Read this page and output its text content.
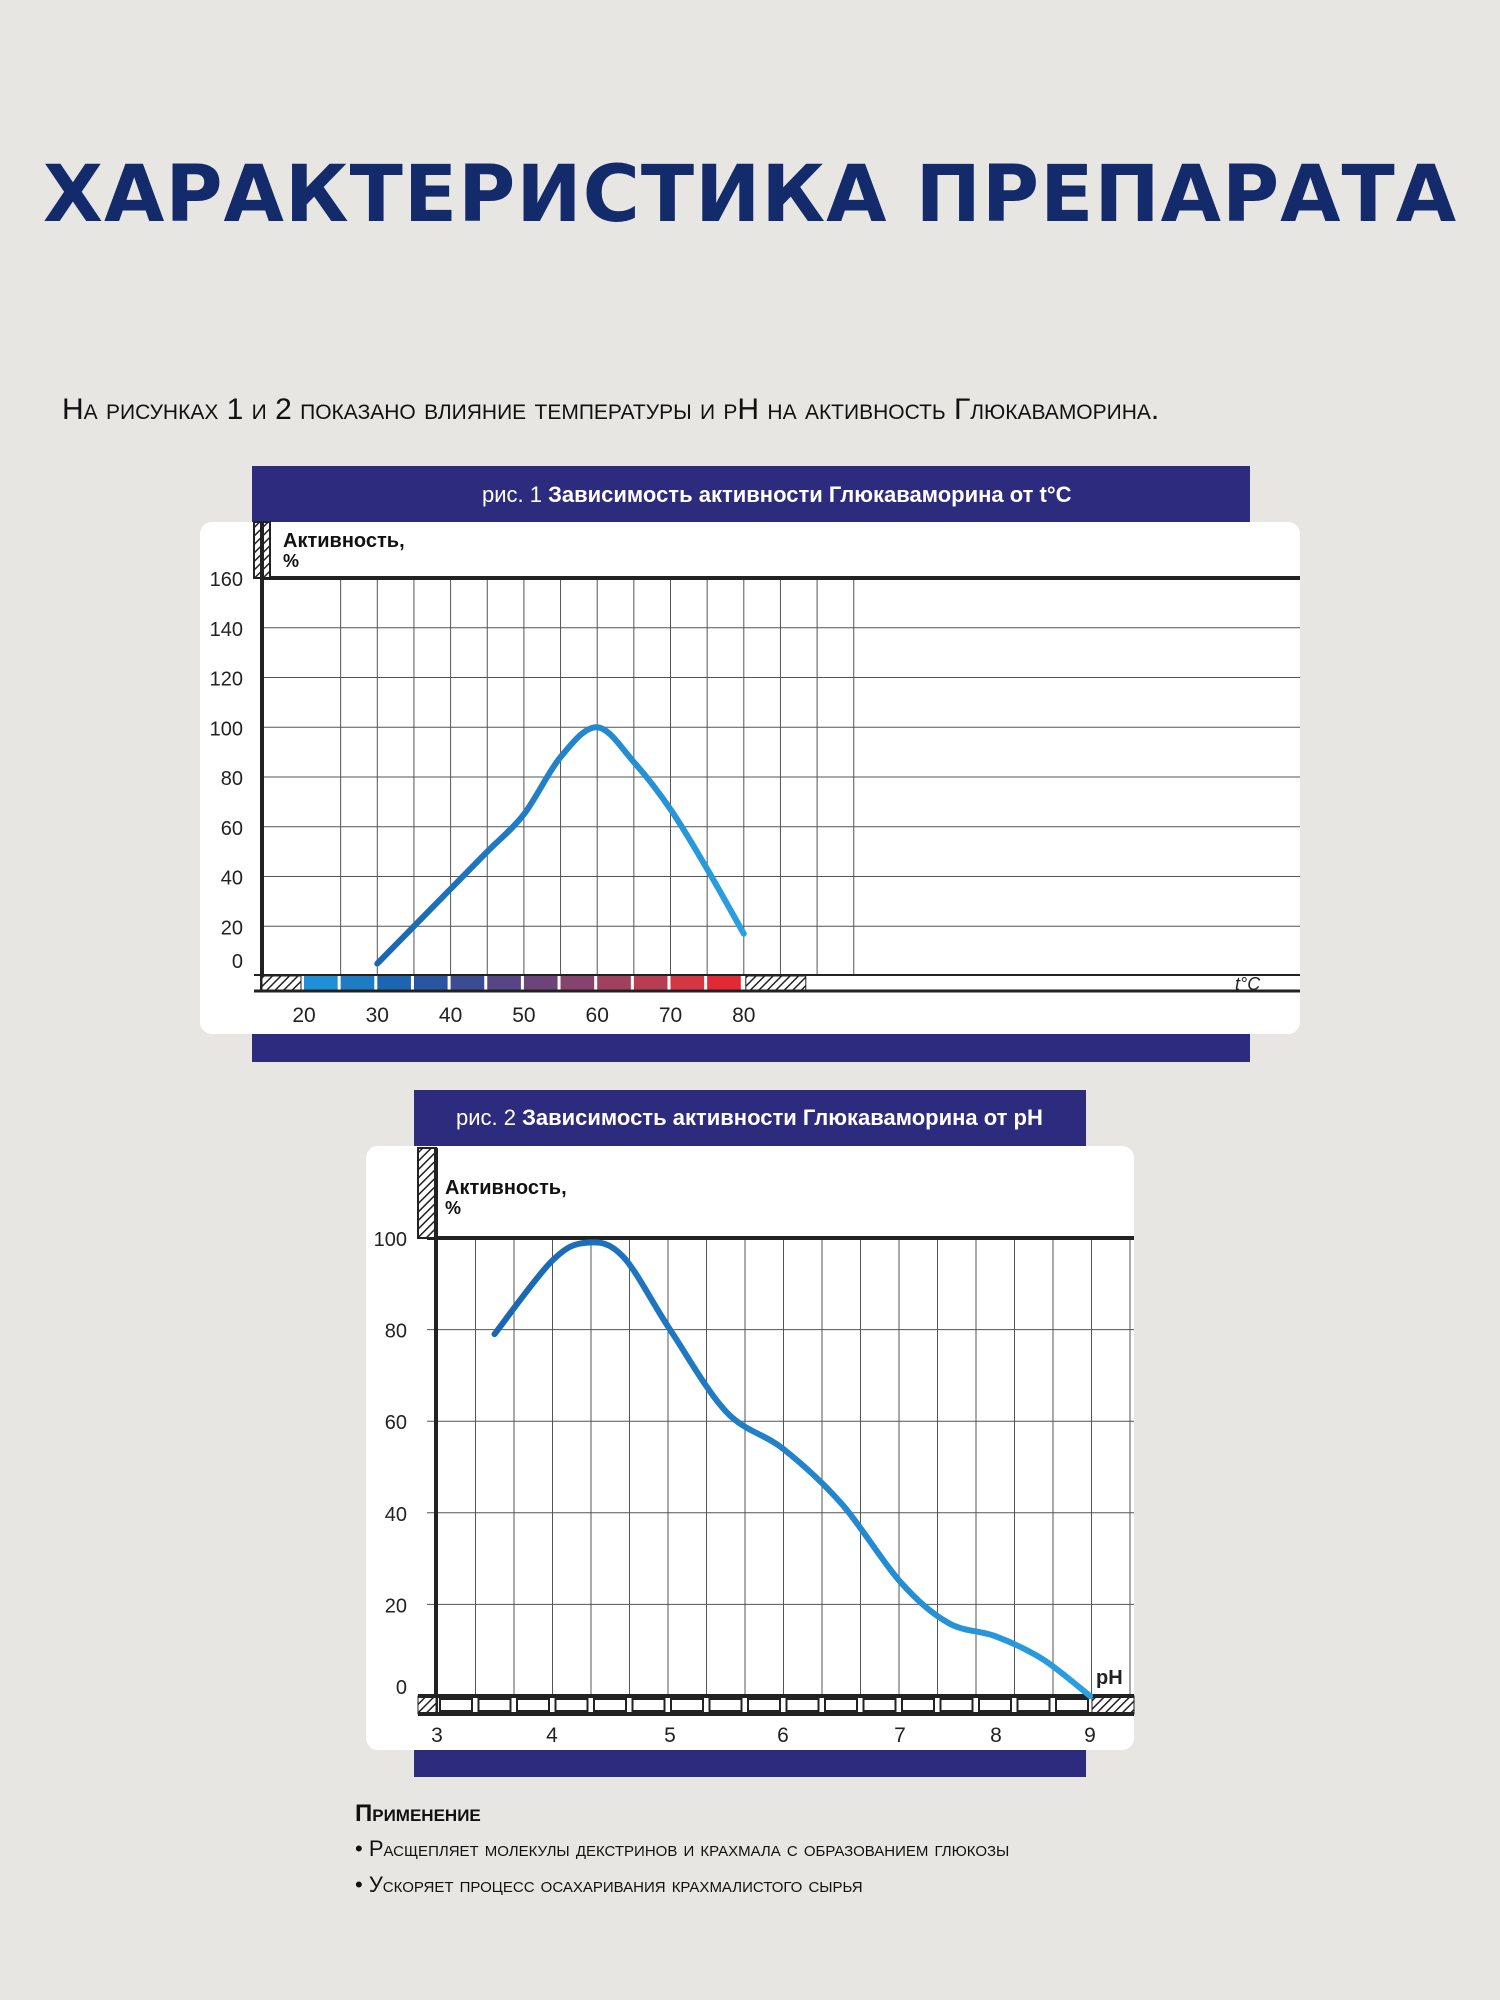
ХАРАКТЕРИСТИКА ПРЕПАРАТА
На рисунках 1 и 2 показано влияние температуры и pH на активность Глюкаваморина.
рис. 1 Зависимость активности Глюкаваморина от t°C
0
20
40
60
80
100
120
140
160
20 30 40 50 60 70 80
Активность,
%
t°C
рис. 2 Зависимость активности Глюкаваморина от pH
0
20
40
60
80
100
3	4	5	6	7	8	9
Активность,
%
pH
Применение
• Расщепляет молекулы декстринов и крахмала с образованием глюкозы
• Ускоряет процесс осахаривания крахмалистого сырья
